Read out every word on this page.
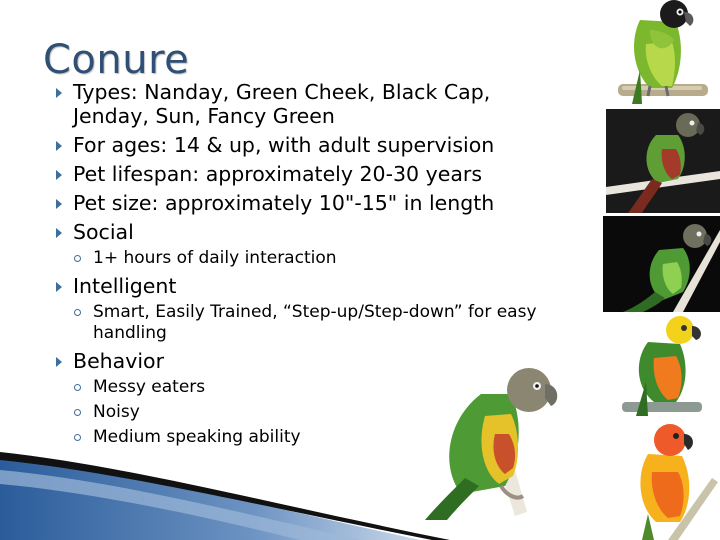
Conure
Types: Nanday, Green Cheek, Black Cap, Jenday, Sun, Fancy Green
For ages: 14 & up, with adult supervision
Pet lifespan: approximately 20-30 years
Pet size: approximately 10"-15" in length
Social
1+ hours of daily interaction
Intelligent
Smart, Easily Trained, “Step-up/Step-down” for easy handling
Behavior
Messy eaters
Noisy
Medium speaking ability
